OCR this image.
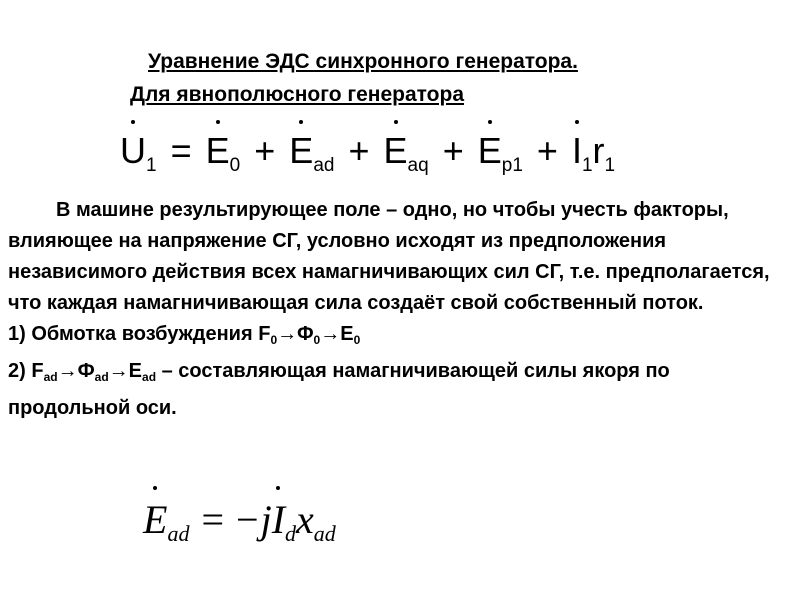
Уравнение ЭДС синхронного генератора.
Для явнополюсного генератора
$U_1 = E_0 + E_{ad} + E_{aq} + E_{p1} + I_1r_1$

В машине результирующее поле – одно, но чтобы учесть факторы, влияющее на напряжение СГ, условно исходят из предположения независимого действия всех намагничивающих сил СГ, т.е. предполагается, что каждая намагничивающая сила создаёт свой собственный поток.

1) Обмотка возбуждения $F_0\to\Phi_0\to E_0$

2) $F_{ad}\to Ф_{ad}\to E_{ad}$ – составляющая намагничивающей силы якоря по продольной оси.

$E_{ad} = -j$
$I_dx_{ad}$
